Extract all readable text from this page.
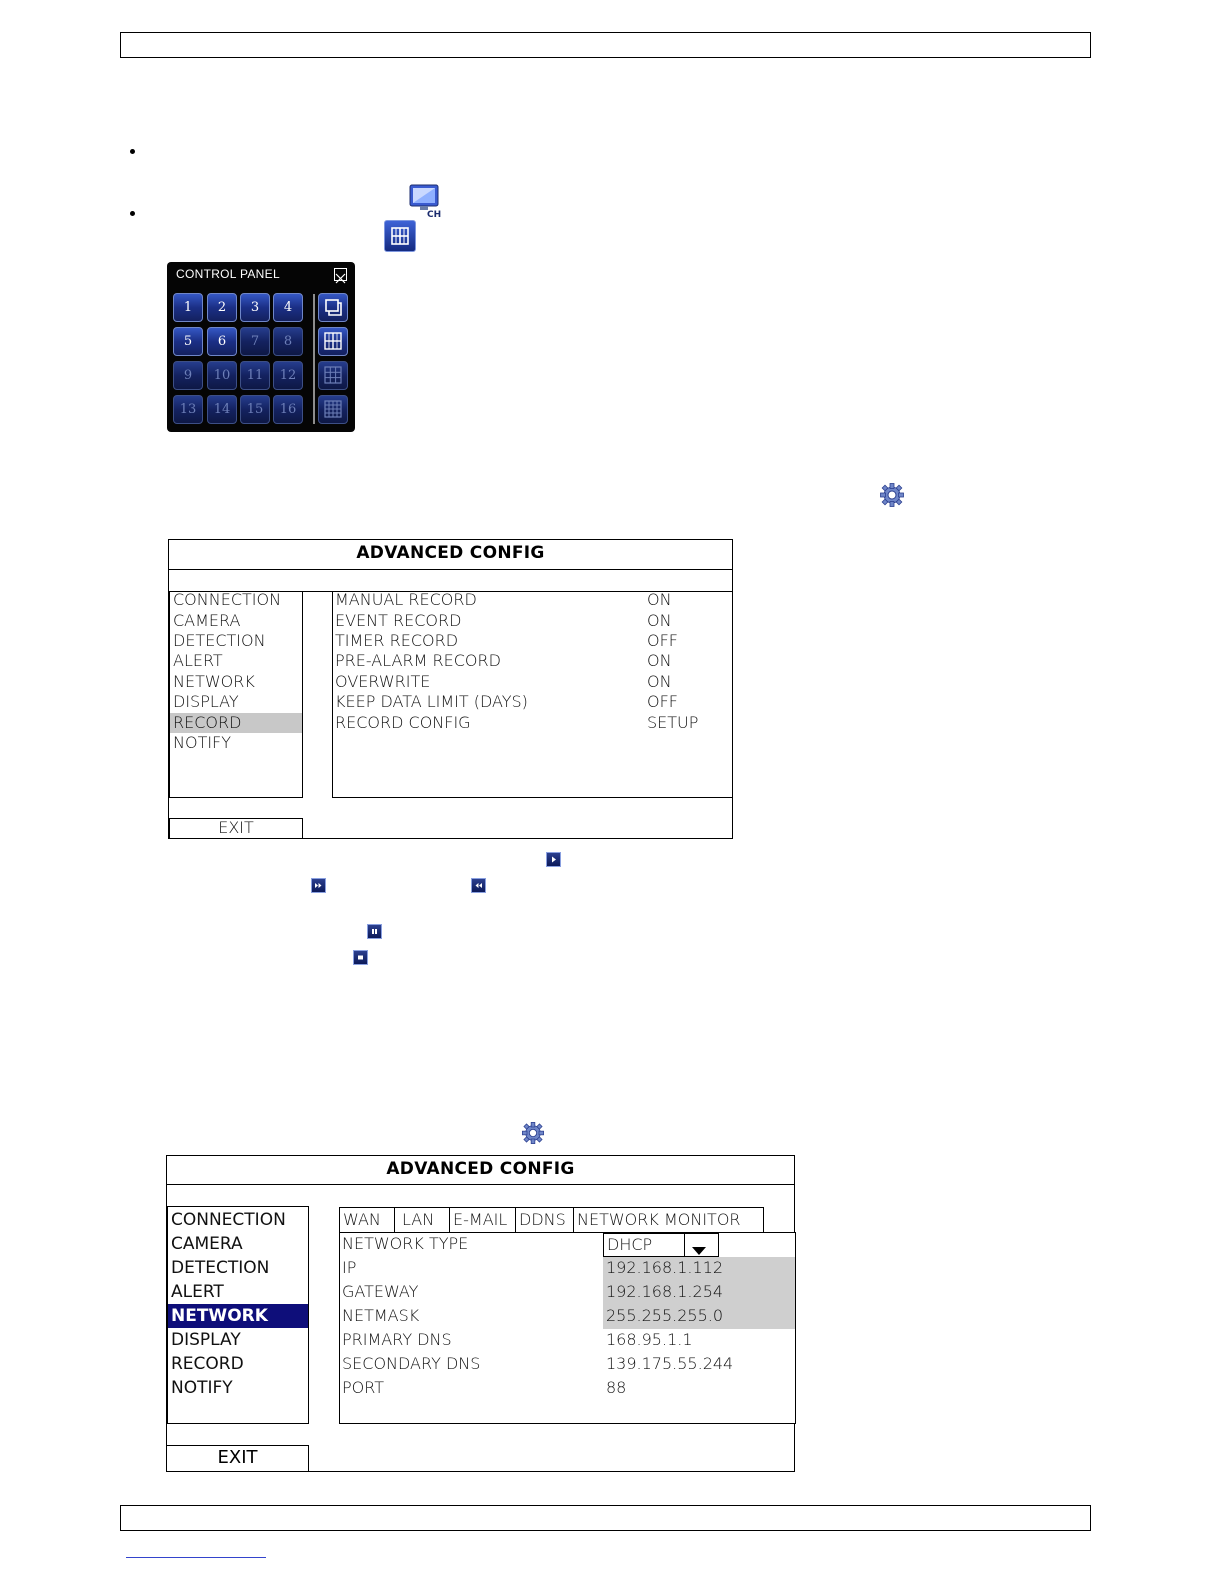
CH
CONTROL PANEL
1	2	3	4
5	6	7	8
9	10	11	12
13	14	15	16
ADVANCED CONFIG
CONNECTION
CAMERA
DETECTION
ALERT
NETWORK
DISPLAY
RECORD
NOTIFY
MANUAL RECORD	ON
EVENT RECORD	ON
TIMER RECORD	OFF
PRE-ALARM RECORD	ON
OVERWRITE	ON
KEEP DATA LIMIT (DAYS)	OFF
RECORD CONFIG	SETUP
EXIT
ADVANCED CONFIG
CONNECTION
CAMERA
DETECTION
ALERT
NETWORK
DISPLAY
RECORD
NOTIFY
NETWORK TYPE	DHCP
IP	192.168.1.112
GATEWAY	192.168.1.254
NETMASK	255.255.255.0
PRIMARY DNS	168.95.1.1
SECONDARY DNS	139.175.55.244
PORT	88
WAN	LAN	E-MAIL DDNS NETWORK MONITOR
EXIT
